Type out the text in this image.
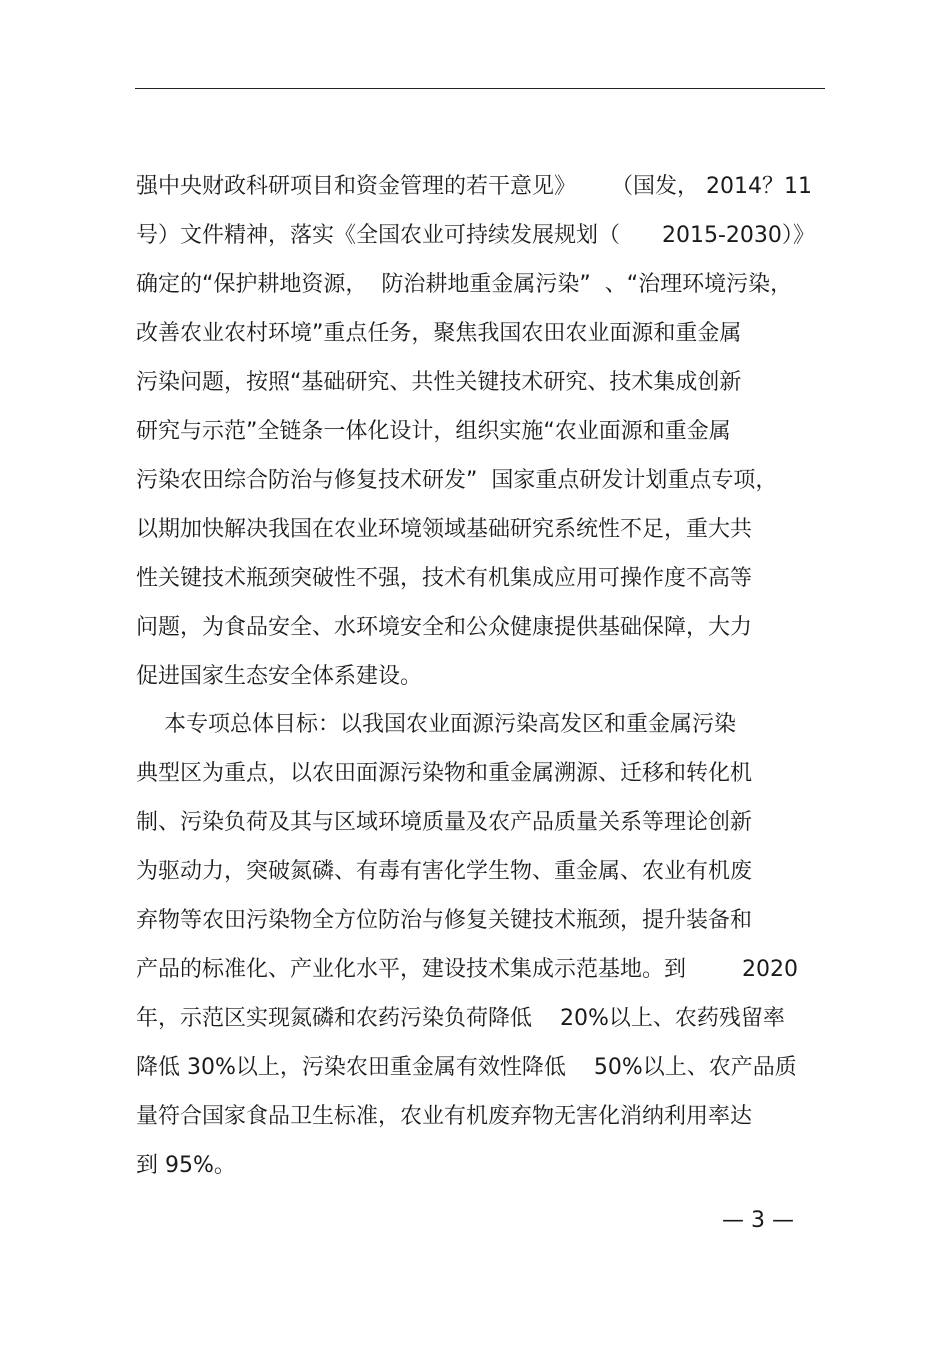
强中央财政科研项目和资金管理的若干意见》     （国发， 2014？11
号）文件精神，落实《全国农业可持续发展规划（      2015-2030）》
确定的“保护耕地资源，  防治耕地重金属污染”  、“治理环境污染，
改善农业农村环境”重点任务，聚焦我国农田农业面源和重金属
污染问题，按照“基础研究、共性关键技术研究、技术集成创新
研究与示范”全链条一体化设计，组织实施“农业面源和重金属
污染农田综合防治与修复技术研发”  国家重点研发计划重点专项，
以期加快解决我国在农业环境领域基础研究系统性不足，重大共
性关键技术瓶颈突破性不强，技术有机集成应用可操作度不高等
问题，为食品安全、水环境安全和公众健康提供基础保障，大力
促进国家生态安全体系建设。
本专项总体目标：以我国农业面源污染高发区和重金属污染
典型区为重点，以农田面源污染物和重金属溯源、迁移和转化机
制、污染负荷及其与区域环境质量及农产品质量关系等理论创新
为驱动力，突破氮磷、有毒有害化学生物、重金属、农业有机废
弃物等农田污染物全方位防治与修复关键技术瓶颈，提升装备和
产品的标准化、产业化水平，建设技术集成示范基地。到        2020
年，示范区实现氮磷和农药污染负荷降低    20%以上、农药残留率
降低 30%以上，污染农田重金属有效性降低    50%以上、农产品质
量符合国家食品卫生标准，农业有机废弃物无害化消纳利用率达
到 95%。
— 3 —
